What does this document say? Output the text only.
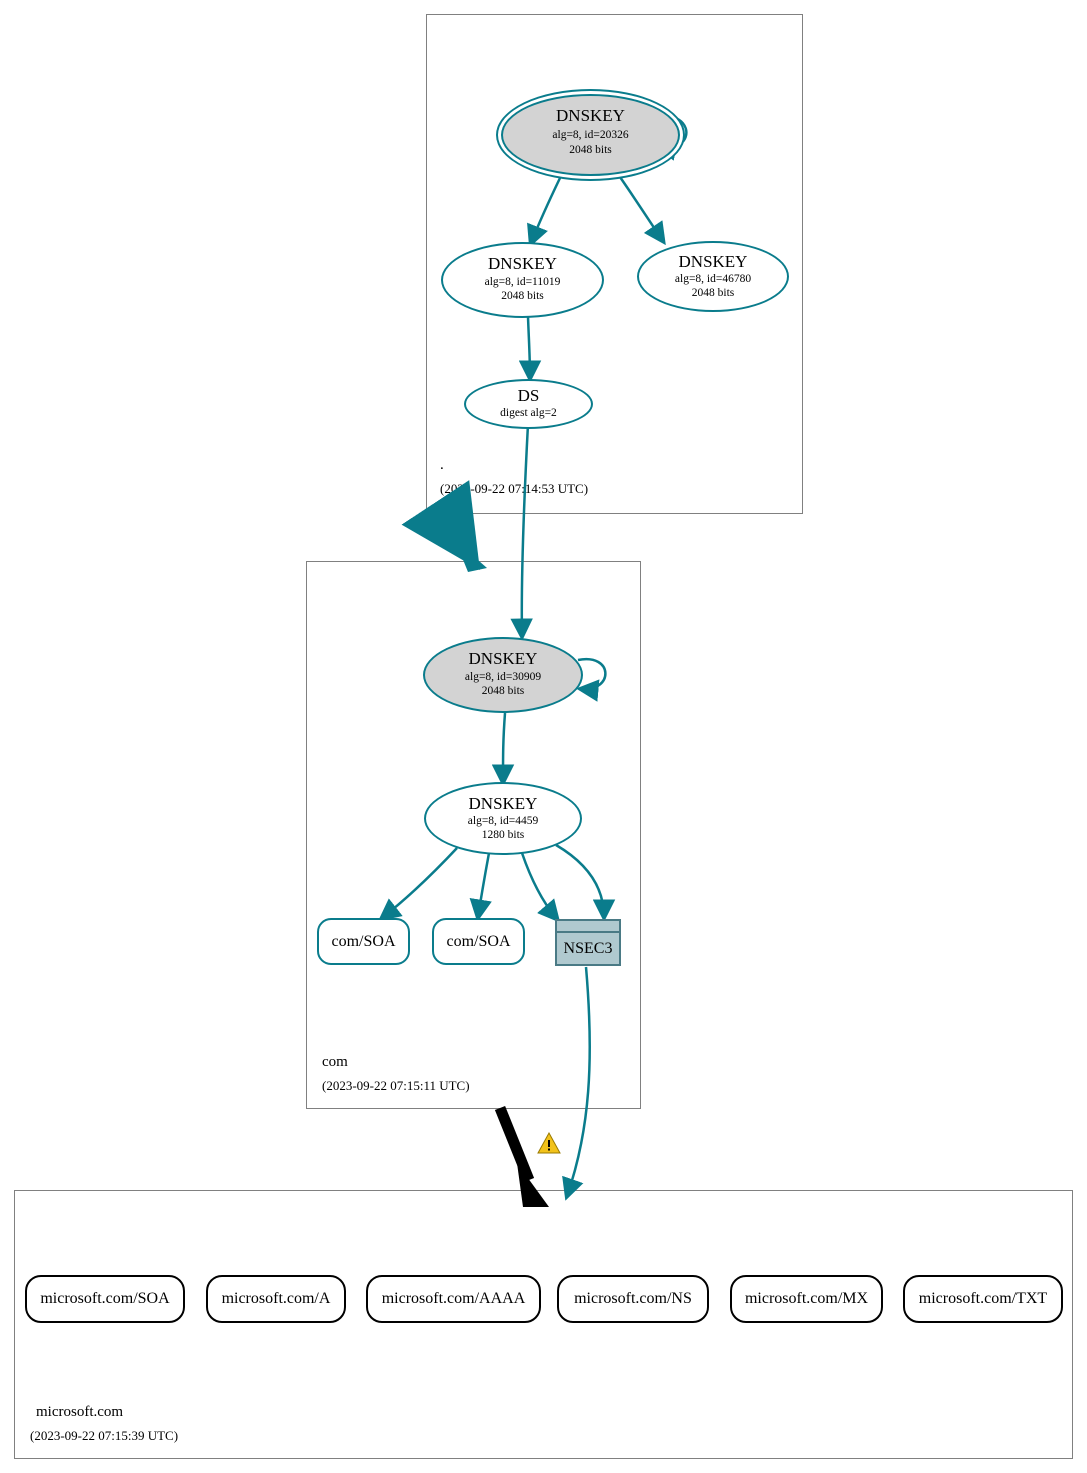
.
(2023-09-22 07:14:53 UTC)
com
(2023-09-22 07:15:11 UTC)
microsoft.com
(2023-09-22 07:15:39 UTC)
DNSKEY
alg=8, id=20326
2048 bits
DNSKEY
alg=8, id=11019
2048 bits
DNSKEY
alg=8, id=46780
2048 bits
DS
digest alg=2
DNSKEY
alg=8, id=30909
2048 bits
DNSKEY
alg=8, id=4459
1280 bits
com/SOA	com/SOA	NSEC3
microsoft.com/SOA	microsoft.com/A	microsoft.com/AAAA	microsoft.com/NS	microsoft.com/MX	microsoft.com/TXT
